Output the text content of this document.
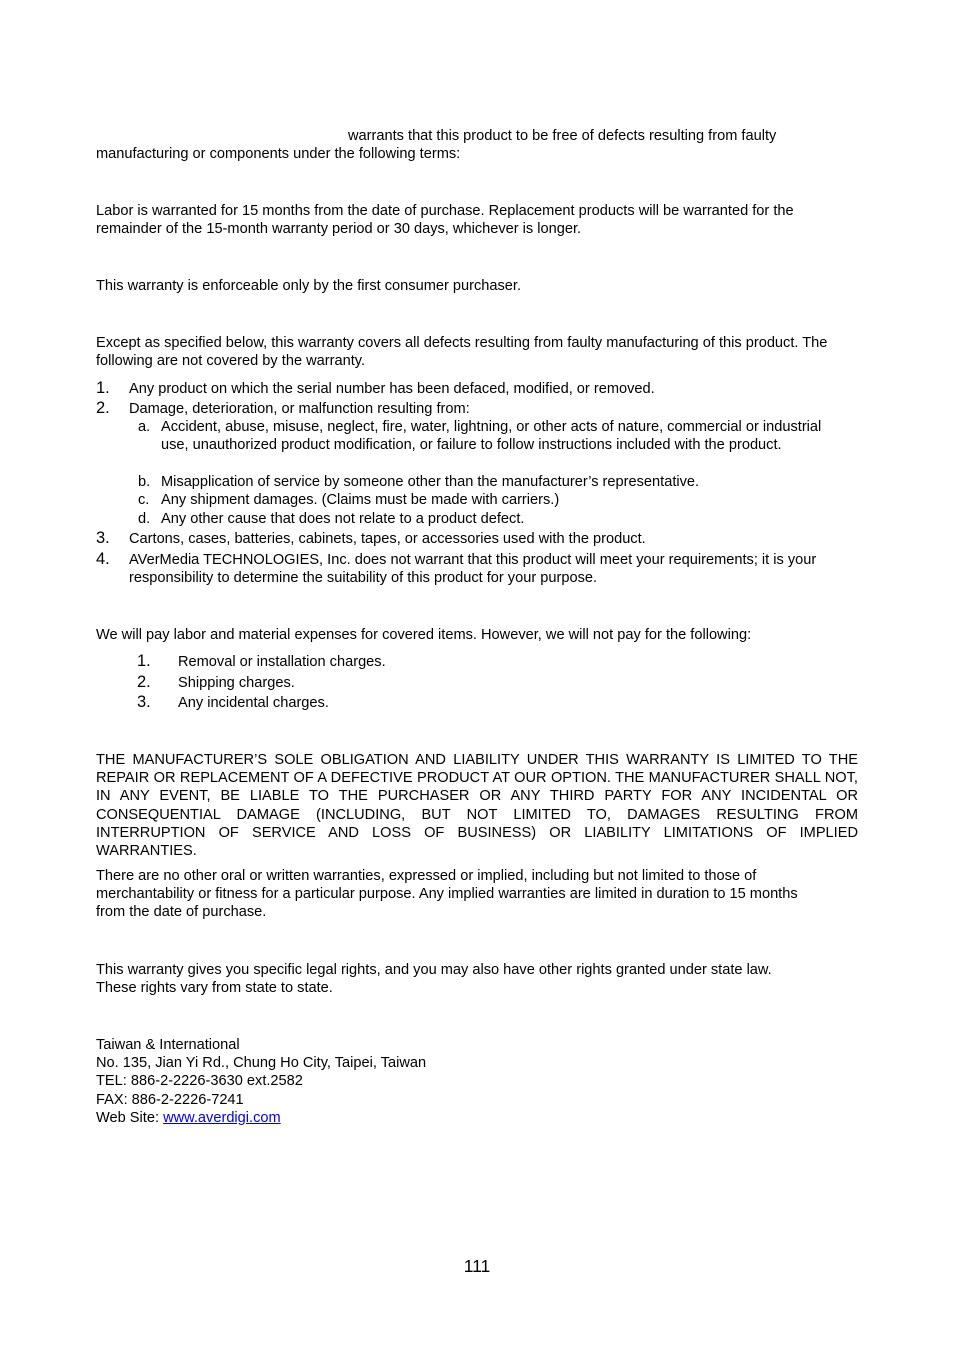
warrants that this product to be free of defects resulting from faulty
manufacturing or components under the following terms:

Labor is warranted for 15 months from the date of purchase. Replacement products will be warranted for the remainder of the 15-month warranty period or 30 days, whichever is longer.

This warranty is enforceable only by the first consumer purchaser.

Except as specified below, this warranty covers all defects resulting from faulty manufacturing of this product. The following are not covered by the warranty.

1. Any product on which the serial number has been defaced, modified, or removed.
2. Damage, deterioration, or malfunction resulting from:
a. Accident, abuse, misuse, neglect, fire, water, lightning, or other acts of nature, commercial or industrial use, unauthorized product modification, or failure to follow instructions included with the product.
b. Misapplication of service by someone other than the manufacturer’s representative.
c. Any shipment damages. (Claims must be made with carriers.)
d. Any other cause that does not relate to a product defect.
3. Cartons, cases, batteries, cabinets, tapes, or accessories used with the product.
4. AVerMedia TECHNOLOGIES, Inc. does not warrant that this product will meet your requirements; it is your responsibility to determine the suitability of this product for your purpose.

We will pay labor and material expenses for covered items. However, we will not pay for the following:

1. Removal or installation charges.
2. Shipping charges.
3. Any incidental charges.

THE MANUFACTURER’S SOLE OBLIGATION AND LIABILITY UNDER THIS WARRANTY IS LIMITED TO THE REPAIR OR REPLACEMENT OF A DEFECTIVE PRODUCT AT OUR OPTION. THE MANUFACTURER SHALL NOT, IN ANY EVENT, BE LIABLE TO THE PURCHASER OR ANY THIRD PARTY FOR ANY INCIDENTAL OR CONSEQUENTIAL DAMAGE (INCLUDING, BUT NOT LIMITED TO, DAMAGES RESULTING FROM INTERRUPTION OF SERVICE AND LOSS OF BUSINESS) OR LIABILITY LIMITATIONS OF IMPLIED WARRANTIES.

There are no other oral or written warranties, expressed or implied, including but not limited to those of merchantability or fitness for a particular purpose. Any implied warranties are limited in duration to 15 months from the date of purchase.

This warranty gives you specific legal rights, and you may also have other rights granted under state law.
These rights vary from state to state.
Taiwan & International
No. 135, Jian Yi Rd., Chung Ho City, Taipei, Taiwan
TEL: 886-2-2226-3630 ext.2582
FAX: 886-2-2226-7241
Web Site: www.averdigi.com
111
